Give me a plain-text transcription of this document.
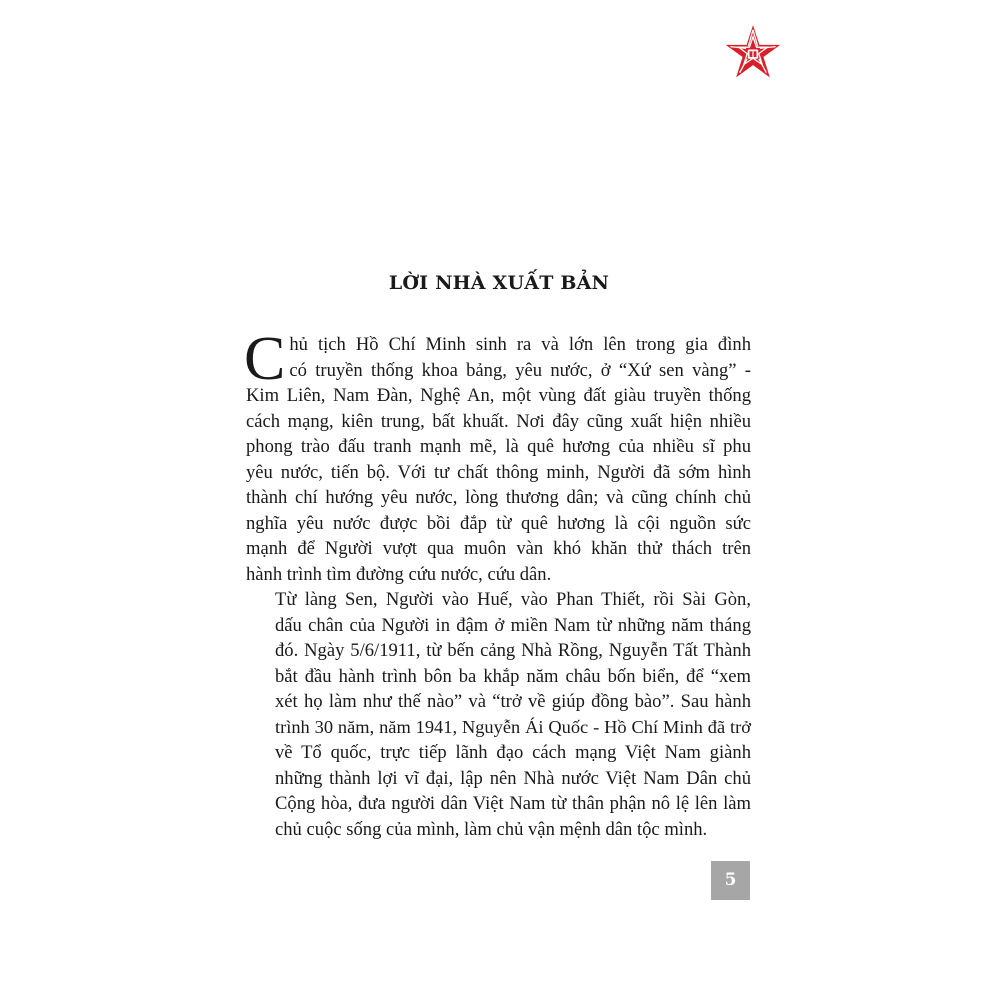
LỜI NHÀ XUẤT BẢN

C hủ tịch Hồ Chí Minh sinh ra và lớn lên trong gia đình
có truyền thống khoa bảng, yêu nước, ở “Xứ sen vàng” -
Kim Liên, Nam Đàn, Nghệ An, một vùng đất giàu truyền thống
cách mạng, kiên trung, bất khuất. Nơi đây cũng xuất hiện nhiều
phong trào đấu tranh mạnh mẽ, là quê hương của nhiều sĩ phu
yêu nước, tiến bộ. Với tư chất thông minh, Người đã sớm hình
thành chí hướng yêu nước, lòng thương dân; và cũng chính chủ
nghĩa yêu nước được bồi đắp từ quê hương là cội nguồn sức
mạnh để Người vượt qua muôn vàn khó khăn thử thách trên
hành trình tìm đường cứu nước, cứu dân.

Từ làng Sen, Người vào Huế, vào Phan Thiết, rồi Sài Gòn,
dấu chân của Người in đậm ở miền Nam từ những năm tháng
đó. Ngày 5/6/1911, từ bến cảng Nhà Rồng, Nguyễn Tất Thành
bắt đầu hành trình bôn ba khắp năm châu bốn biển, để “xem
xét họ làm như thế nào” và “trở về giúp đồng bào”. Sau hành
trình 30 năm, năm 1941, Nguyễn Ái Quốc - Hồ Chí Minh đã trở
về Tổ quốc, trực tiếp lãnh đạo cách mạng Việt Nam giành
những thành lợi vĩ đại, lập nên Nhà nước Việt Nam Dân chủ
Cộng hòa, đưa người dân Việt Nam từ thân phận nô lệ lên làm
chủ cuộc sống của mình, làm chủ vận mệnh dân tộc mình.

5
